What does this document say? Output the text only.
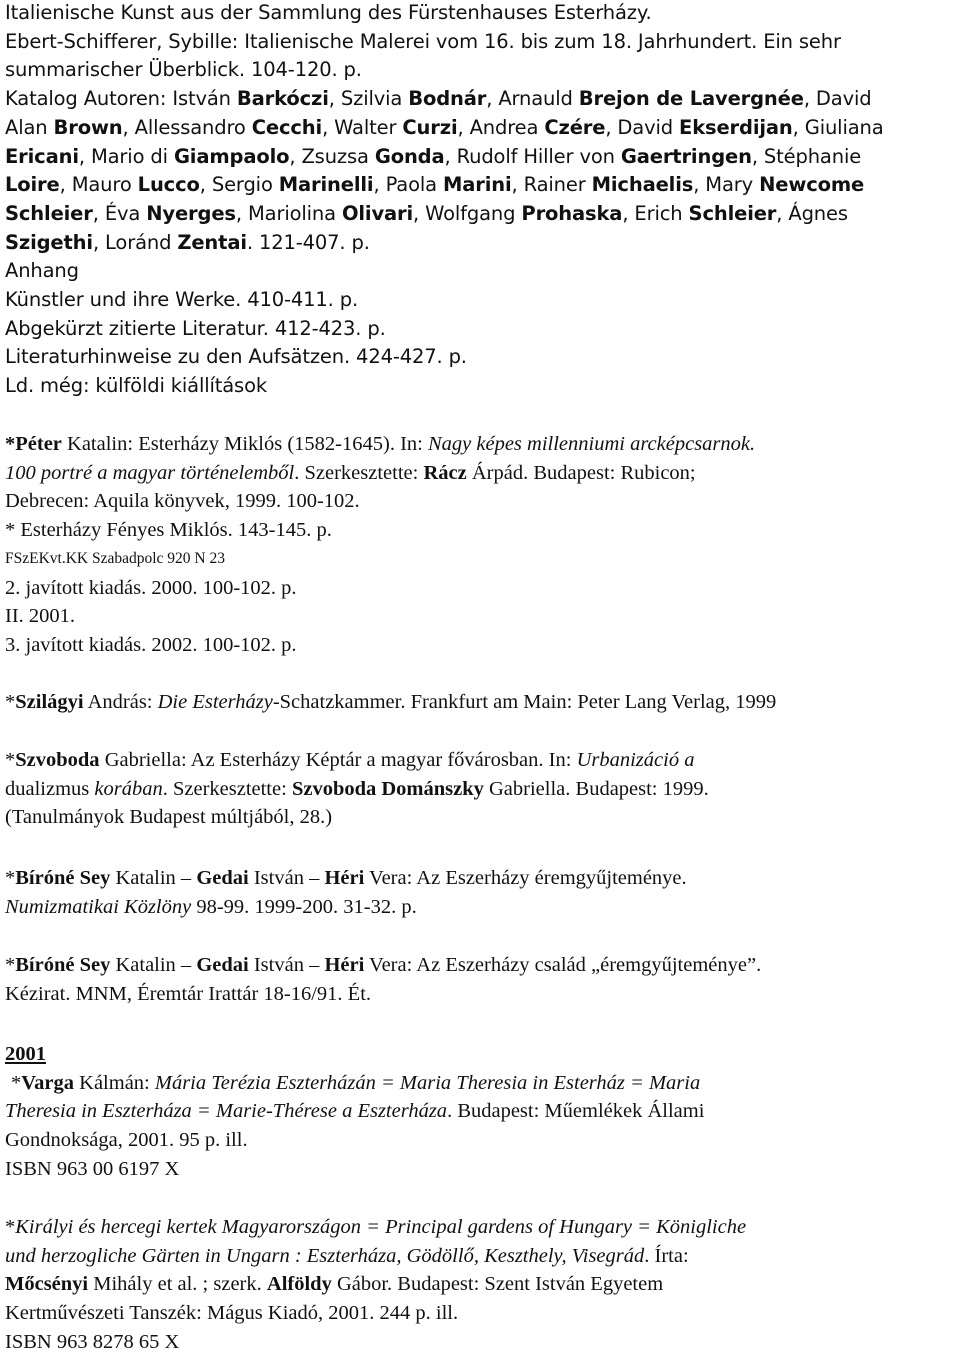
Italienische Kunst aus der Sammlung des Fürstenhauses Esterházy.
Ebert-Schifferer, Sybille: Italienische Malerei vom 16. bis zum 18. Jahrhundert. Ein sehr
summarischer Überblick. 104-120. p.
Katalog Autoren: István Barkóczi, Szilvia Bodnár, Arnauld Brejon de Lavergnée, David
Alan Brown, Allessandro Cecchi, Walter Curzi, Andrea Czére, David Ekserdijan, Giuliana
Ericani, Mario di Giampaolo, Zsuzsa Gonda, Rudolf Hiller von Gaertringen, Stéphanie
Loire, Mauro Lucco, Sergio Marinelli, Paola Marini, Rainer Michaelis, Mary Newcome
Schleier, Éva Nyerges, Mariolina Olivari, Wolfgang Prohaska, Erich Schleier, Ágnes
Szigethi, Loránd Zentai. 121-407. p.
Anhang
Künstler und ihre Werke. 410-411. p.
Abgekürzt zitierte Literatur. 412-423. p.
Literaturhinweise zu den Aufsätzen. 424-427. p.
Ld. még: külföldi kiállítások
*Péter Katalin: Esterházy Miklós (1582-1645). In: Nagy képes millenniumi arcképcsarnok.
100 portré a magyar történelemből. Szerkesztette: Rácz Árpád. Budapest: Rubicon;
Debrecen: Aquila könyvek, 1999. 100-102.
* Esterházy Fényes Miklós. 143-145. p.
FSzEKvt.KK Szabadpolc 920 N 23
2. javított kiadás. 2000. 100-102. p.
II. 2001.
3. javított kiadás. 2002. 100-102. p.
*Szilágyi András: Die Esterházy-Schatzkammer. Frankfurt am Main: Peter Lang Verlag, 1999
*Szvoboda Gabriella: Az Esterházy Képtár a magyar fővárosban. In: Urbanizáció a
dualizmus korában. Szerkesztette: Szvoboda Dománszky Gabriella. Budapest: 1999.
(Tanulmányok Budapest múltjából, 28.)
*Bíróné Sey Katalin – Gedai István – Héri Vera: Az Eszerházy éremgyűjteménye.
Numizmatikai Közlöny 98-99. 1999-200. 31-32. p.
*Bíróné Sey Katalin – Gedai István – Héri Vera: Az Eszerházy család „éremgyűjteménye”.
Kézirat. MNM, Éremtár Irattár 18-16/91. Ét.
2001
*Varga Kálmán: Mária Terézia Eszterházán = Maria Theresia in Esterház = Maria
Theresia in Eszterháza = Marie-Thérese a Eszterháza. Budapest: Műemlékek Állami
Gondnoksága, 2001. 95 p. ill.
ISBN 963 00 6197 X
*Királyi és hercegi kertek Magyarországon = Principal gardens of Hungary = Königliche
und herzogliche Gärten in Ungarn : Eszterháza, Gödöllő, Keszthely, Visegrád. Írta:
Mőcsényi Mihály et al. ; szerk. Alföldy Gábor. Budapest: Szent István Egyetem
Kertművészeti Tanszék: Mágus Kiadó, 2001. 244 p. ill.
ISBN 963 8278 65 X
